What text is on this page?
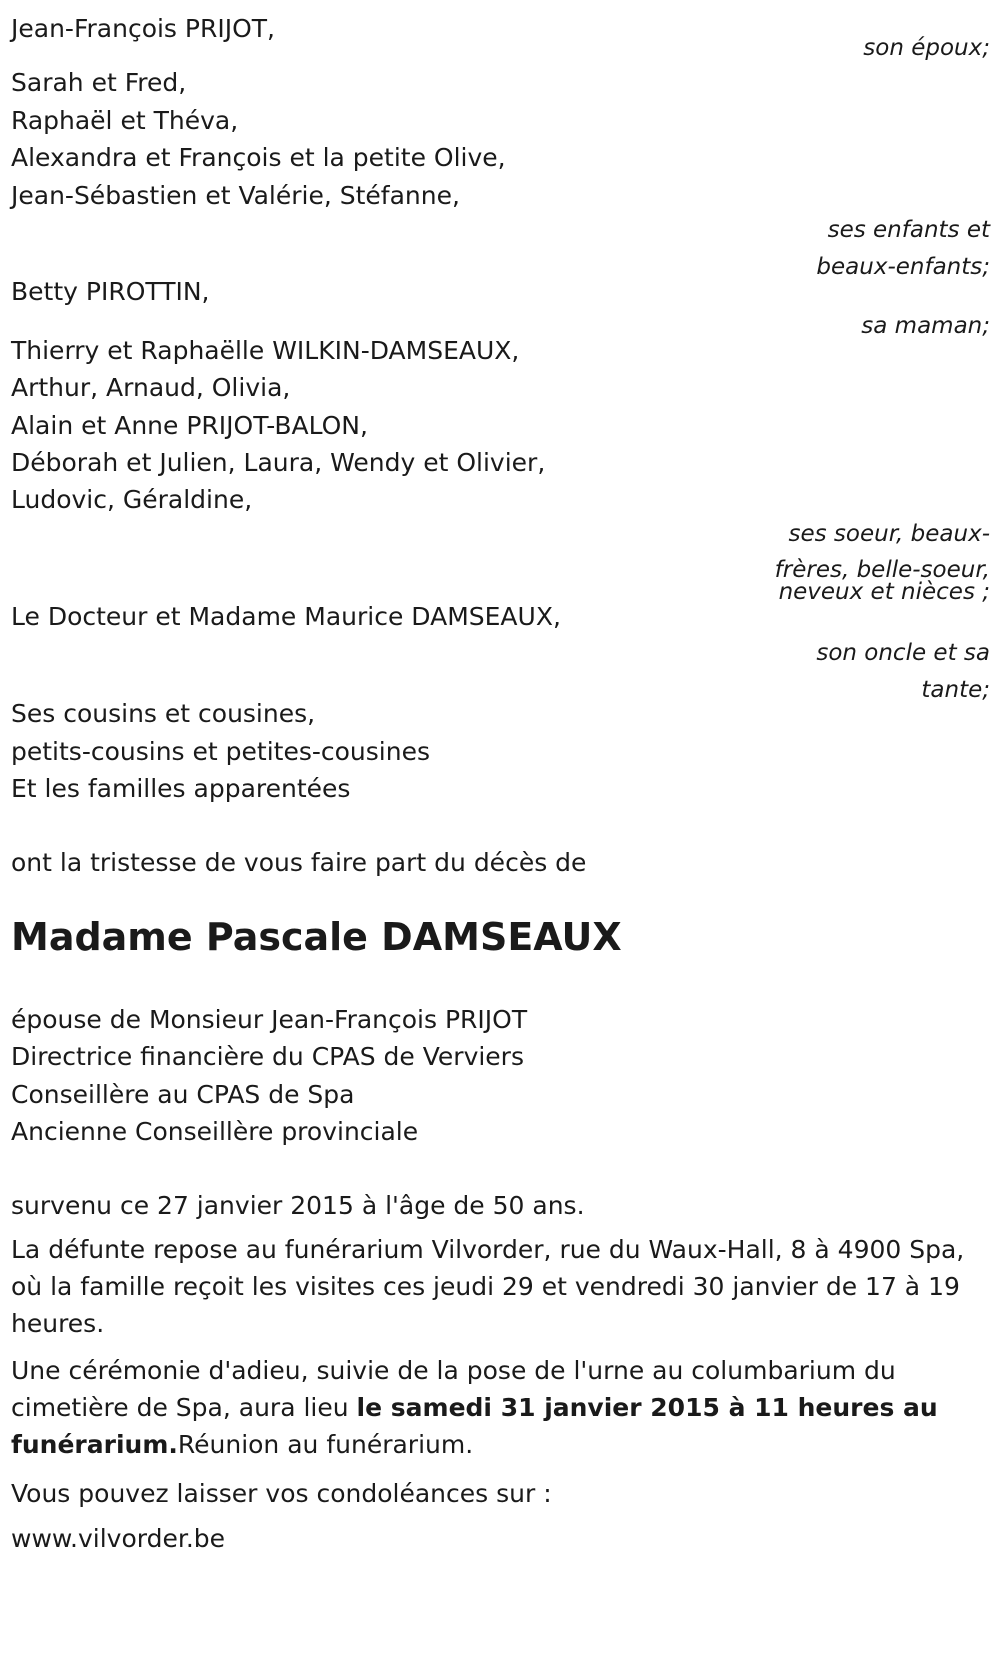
Jean-François PRIJOT,
son époux;
Sarah et Fred,
Raphaël et Théva,
Alexandra et François et la petite Olive,
Jean-Sébastien et Valérie, Stéfanne,
ses enfants et
beaux-enfants;
Betty PIROTTIN,
sa maman;
Thierry et Raphaëlle WILKIN-DAMSEAUX,
Arthur, Arnaud, Olivia,
Alain et Anne PRIJOT-BALON,
Déborah et Julien, Laura, Wendy et Olivier,
Ludovic, Géraldine,
ses soeur, beaux-
frères, belle-soeur,
neveux et nièces ;
Le Docteur et Madame Maurice DAMSEAUX,
son oncle et sa
tante;
Ses cousins et cousines,
petits-cousins et petites-cousines
Et les familles apparentées
ont la tristesse de vous faire part du décès de
Madame Pascale DAMSEAUX
épouse de Monsieur Jean-François PRIJOT
Directrice financière du CPAS de Verviers
Conseillère au CPAS de Spa
Ancienne Conseillère provinciale
survenu ce 27 janvier 2015 à l'âge de 50 ans.
La défunte repose au funérarium Vilvorder, rue du Waux-Hall, 8 à 4900 Spa, où la famille reçoit les visites ces jeudi 29 et vendredi 30 janvier de 17 à 19 heures.
Une cérémonie d'adieu, suivie de la pose de l'urne au columbarium du cimetière de Spa, aura lieu le samedi 31 janvier 2015 à 11 heures au funérarium.Réunion au funérarium.
Vous pouvez laisser vos condoléances sur :
www.vilvorder.be
